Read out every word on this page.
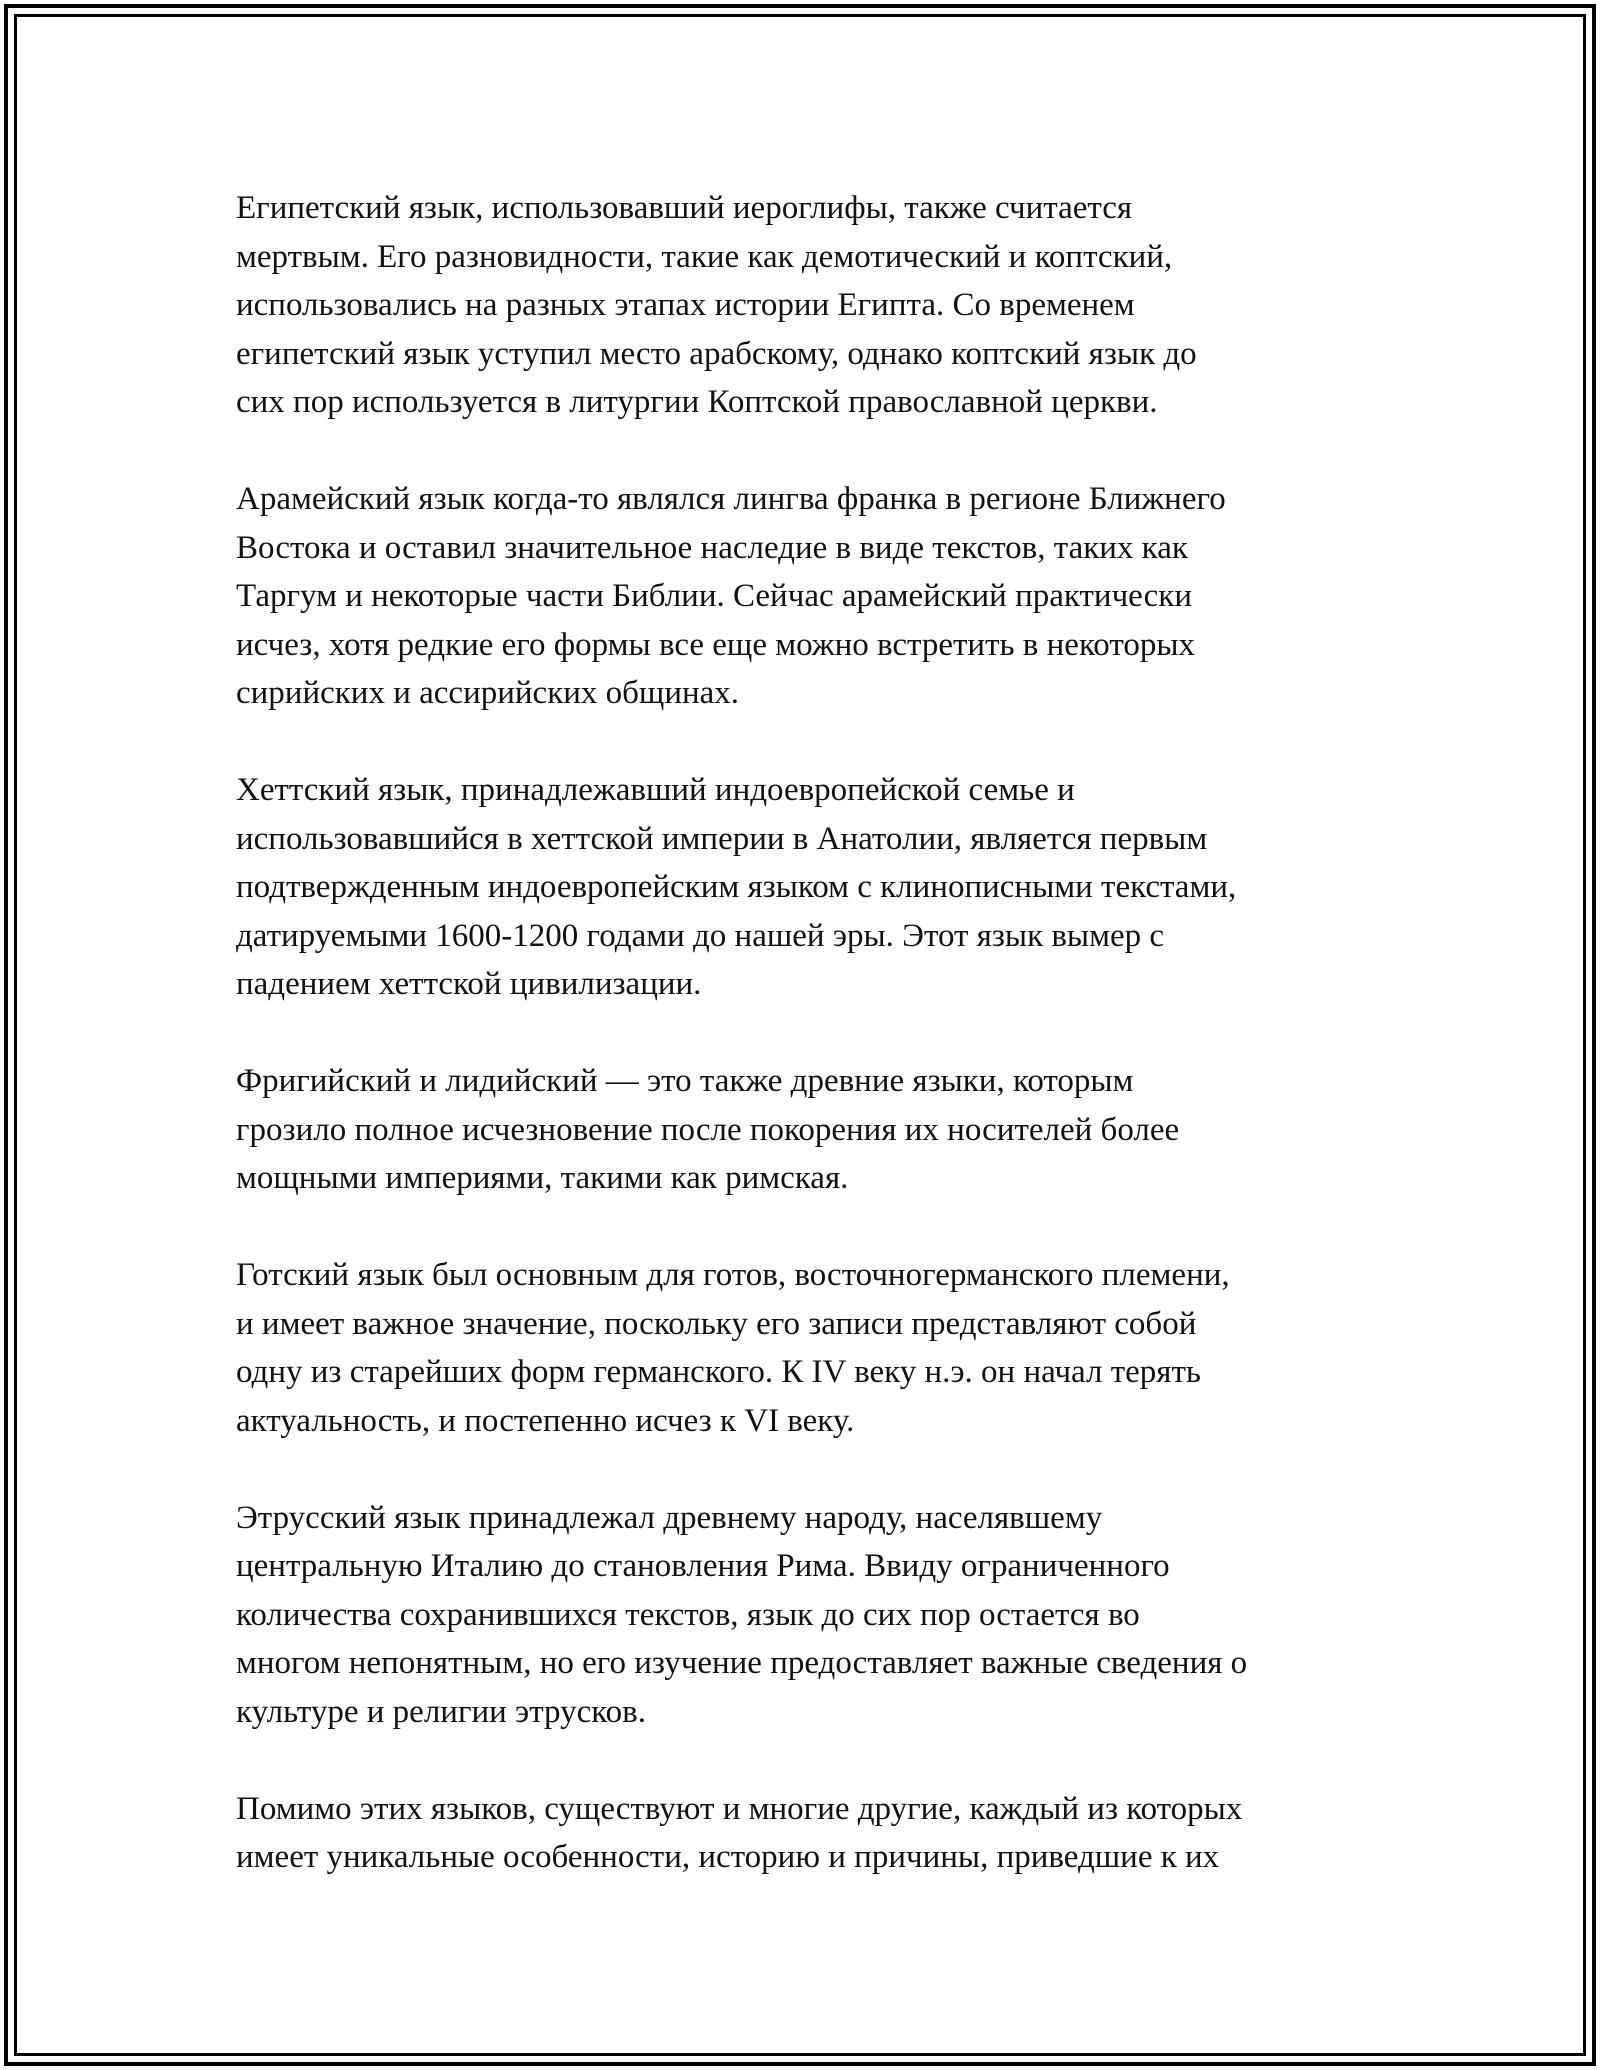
Египетский язык, использовавший иероглифы, также считается
мертвым. Его разновидности, такие как демотический и коптский,
использовались на разных этапах истории Египта. Со временем
египетский язык уступил место арабскому, однако коптский язык до
сих пор используется в литургии Коптской православной церкви.

Арамейский язык когда-то являлся лингва франка в регионе Ближнего
Востока и оставил значительное наследие в виде текстов, таких как
Таргум и некоторые части Библии. Сейчас арамейский практически
исчез, хотя редкие его формы все еще можно встретить в некоторых
сирийских и ассирийских общинах.

Хеттский язык, принадлежавший индоевропейской семье и
использовавшийся в хеттской империи в Анатолии, является первым
подтвержденным индоевропейским языком с клинописными текстами,
датируемыми 1600-1200 годами до нашей эры. Этот язык вымер с
падением хеттской цивилизации.

Фригийский и лидийский — это также древние языки, которым
грозило полное исчезновение после покорения их носителей более
мощными империями, такими как римская.

Готский язык был основным для готов, восточногерманского племени,
и имеет важное значение, поскольку его записи представляют собой
одну из старейших форм германского. К IV веку н.э. он начал терять
актуальность, и постепенно исчез к VI веку.

Этрусский язык принадлежал древнему народу, населявшему
центральную Италию до становления Рима. Ввиду ограниченного
количества сохранившихся текстов, язык до сих пор остается во
многом непонятным, но его изучение предоставляет важные сведения о
культуре и религии этрусков.

Помимо этих языков, существуют и многие другие, каждый из которых
имеет уникальные особенности, историю и причины, приведшие к их
